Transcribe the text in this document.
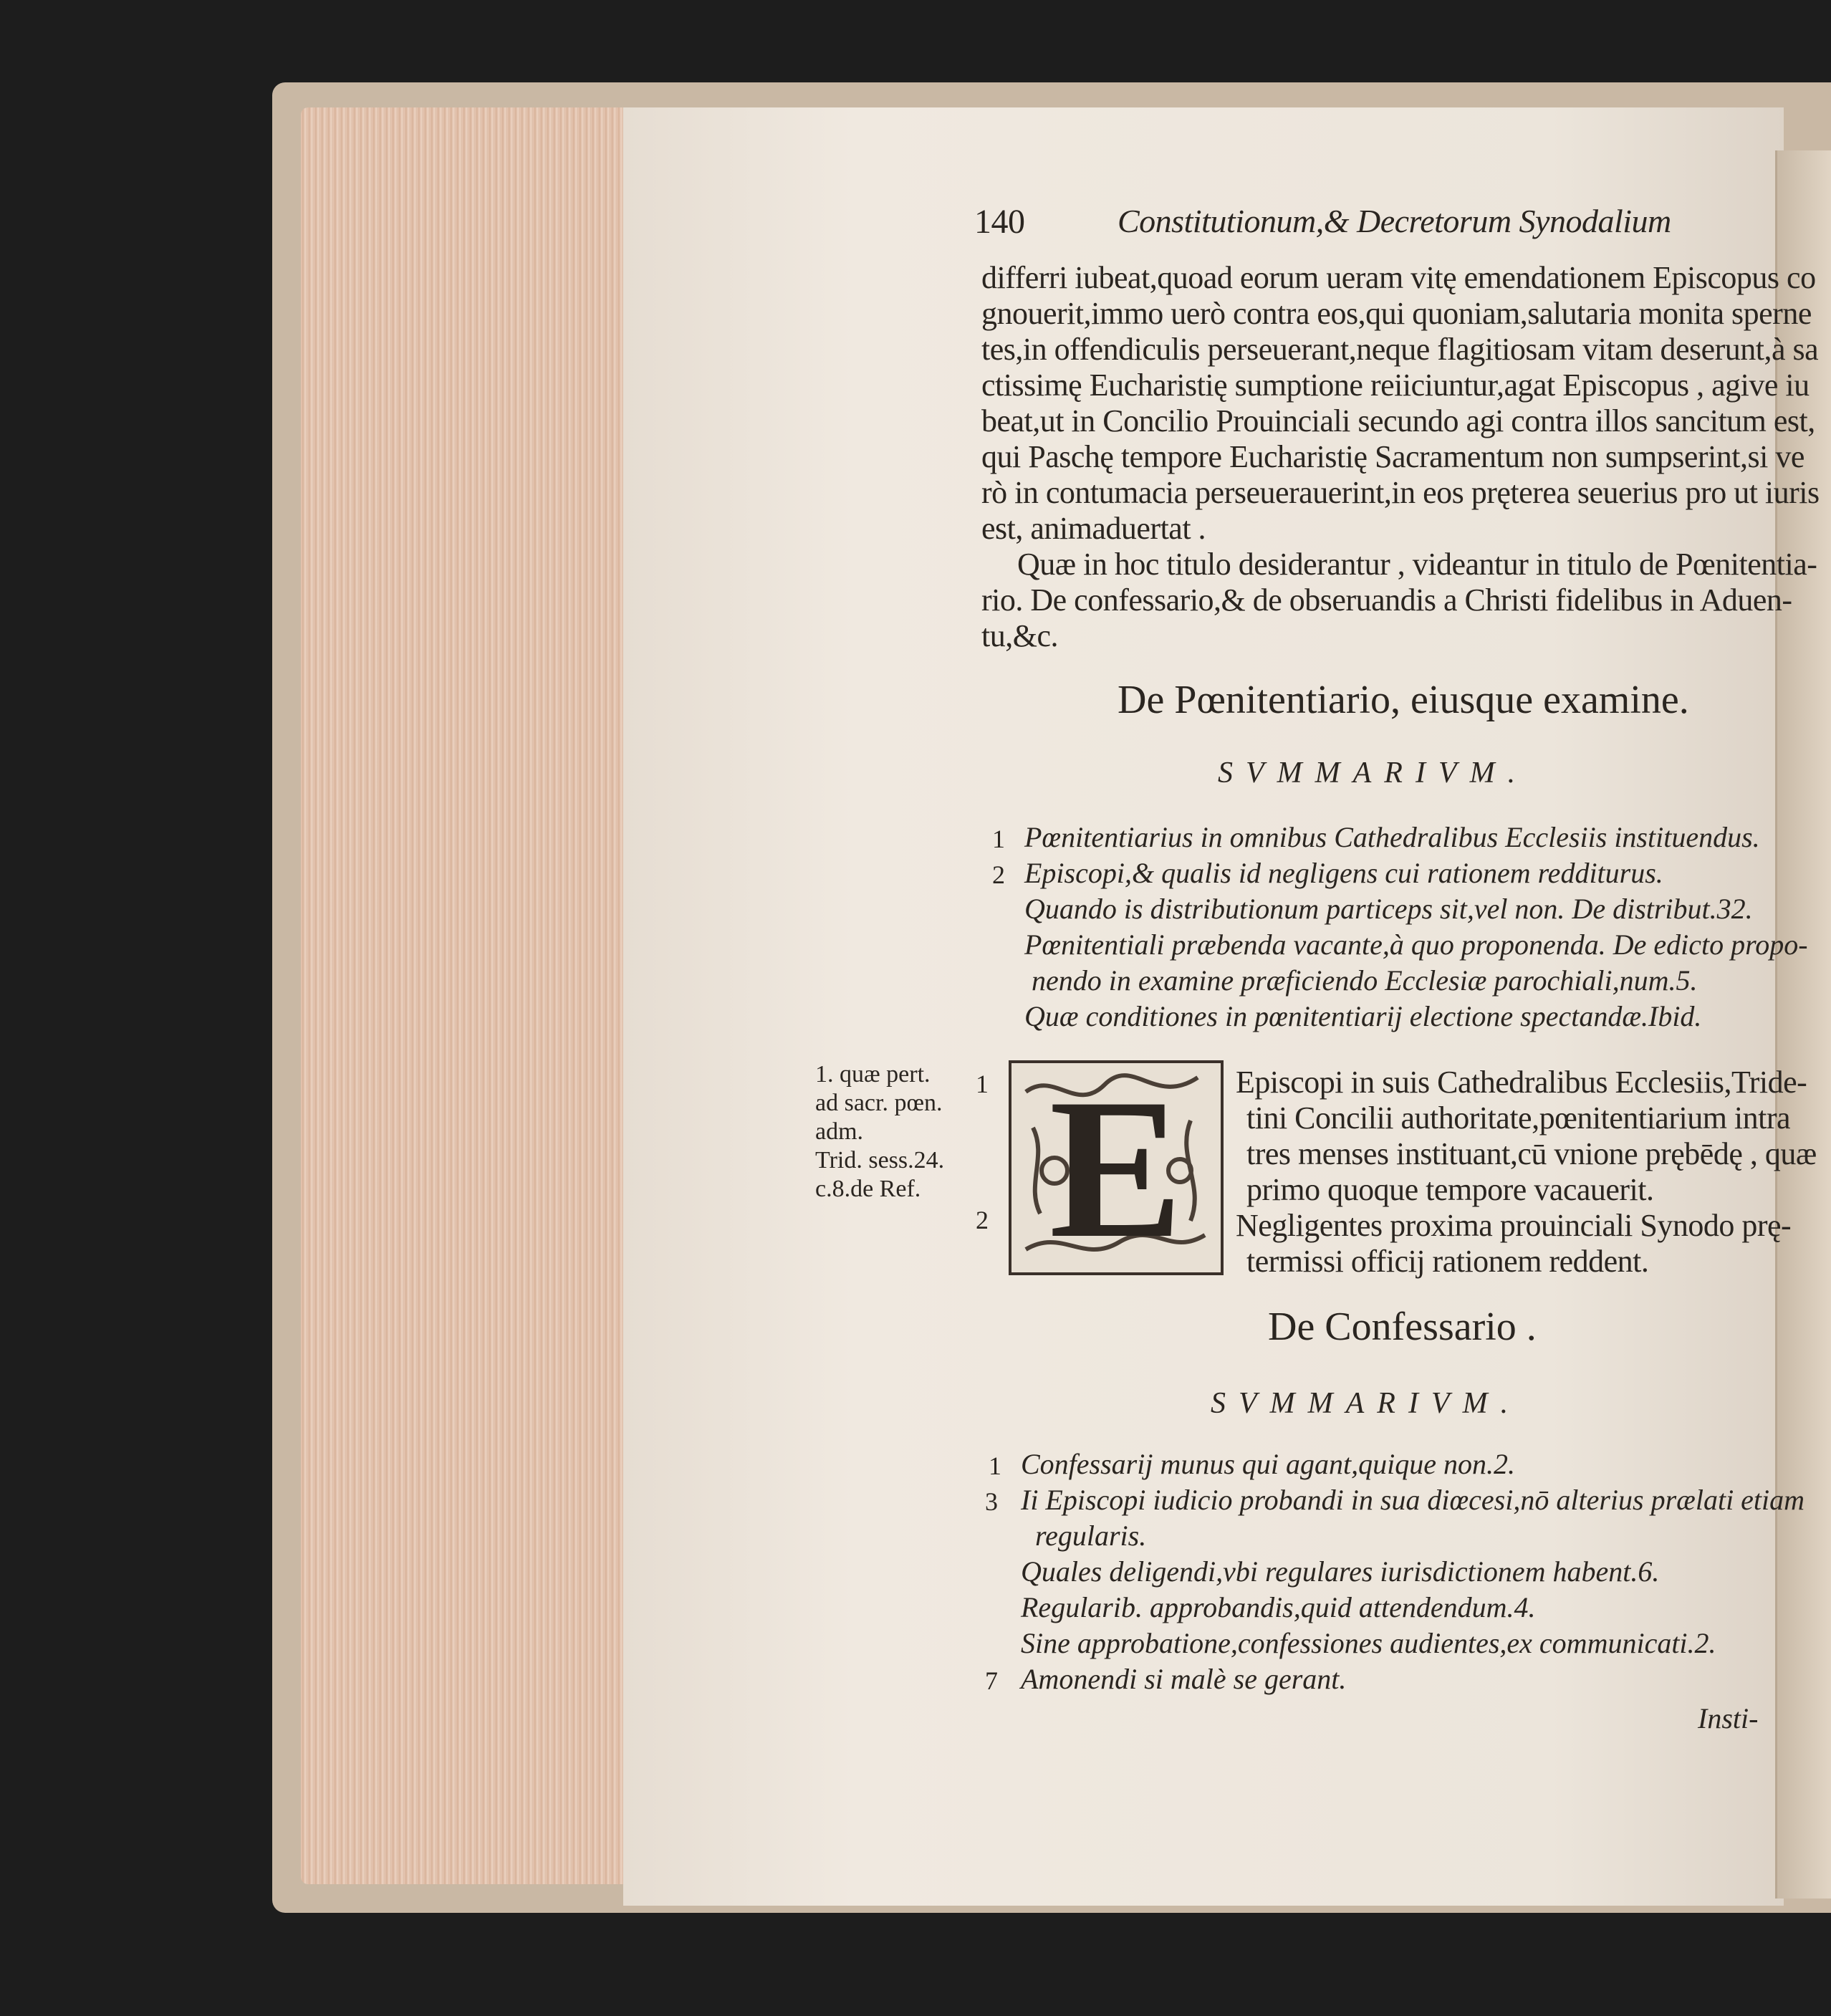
140	Constitutionum,& Decretorum Synodalium
differri iubeat,quoad eorum ueram vitę emendationem Episcopus co
gnouerit,immo uerò contra eos,qui quoniam,salutaria monita sperne
tes,in offendiculis perseuerant,neque flagitiosam vitam deserunt,à sa
ctissimę Eucharistię sumptione reiiciuntur,agat Episcopus , agive iu
beat,ut in Concilio Prouinciali secundo agi contra illos sancitum est,
qui Paschę tempore Eucharistię Sacramentum non sumpserint,si ve
rò in contumacia perseuerauerint,in eos pręterea seuerius pro ut iuris
est, animaduertat .
Quæ in hoc titulo desiderantur , videantur in titulo de Pœnitentia-
rio. De confessario,& de obseruandis a Christi fidelibus in Aduen-
tu,&c.
De Pœnitentiario, eiusque examine.
SVMMARIVM.
1 Pœnitentiarius in omnibus Cathedralibus Ecclesiis instituendus.
2 Episcopi,& qualis id negligens cui rationem redditurus.
Quando is distributionum particeps sit,vel non. De distribut.32.
Pœnitentiali præbenda vacante,à quo proponenda. De edicto propo-
nendo in examine præficiendo Ecclesiæ parochiali,num.5.
Quæ conditiones in pœnitentiarij electione spectandæ.Ibid.
1. quæ pert.
ad sacr. pœn.
adm.
Trid. sess.24.
c.8.de Ref. E
1
2
Episcopi in suis Cathedralibus Ecclesiis,Tride-
tini Concilii authoritate,pœnitentiarium intra
tres menses instituant,cū vnione prębēdę , quæ
primo quoque tempore vacauerit.
Negligentes proxima prouinciali Synodo prę-
termissi officij rationem reddent.
De Confessario .
SVMMARIVM.
1 Confessarij munus qui agant,quique non.2.
3 Ii Episcopi iudicio probandi in sua diœcesi,nō alterius prælati etiam
regularis.
Quales deligendi,vbi regulares iurisdictionem habent.6.
Regularib. approbandis,quid attendendum.4.
Sine approbatione,confessiones audientes,ex communicati.2.
7 Amonendi si malè se gerant.
Insti-
